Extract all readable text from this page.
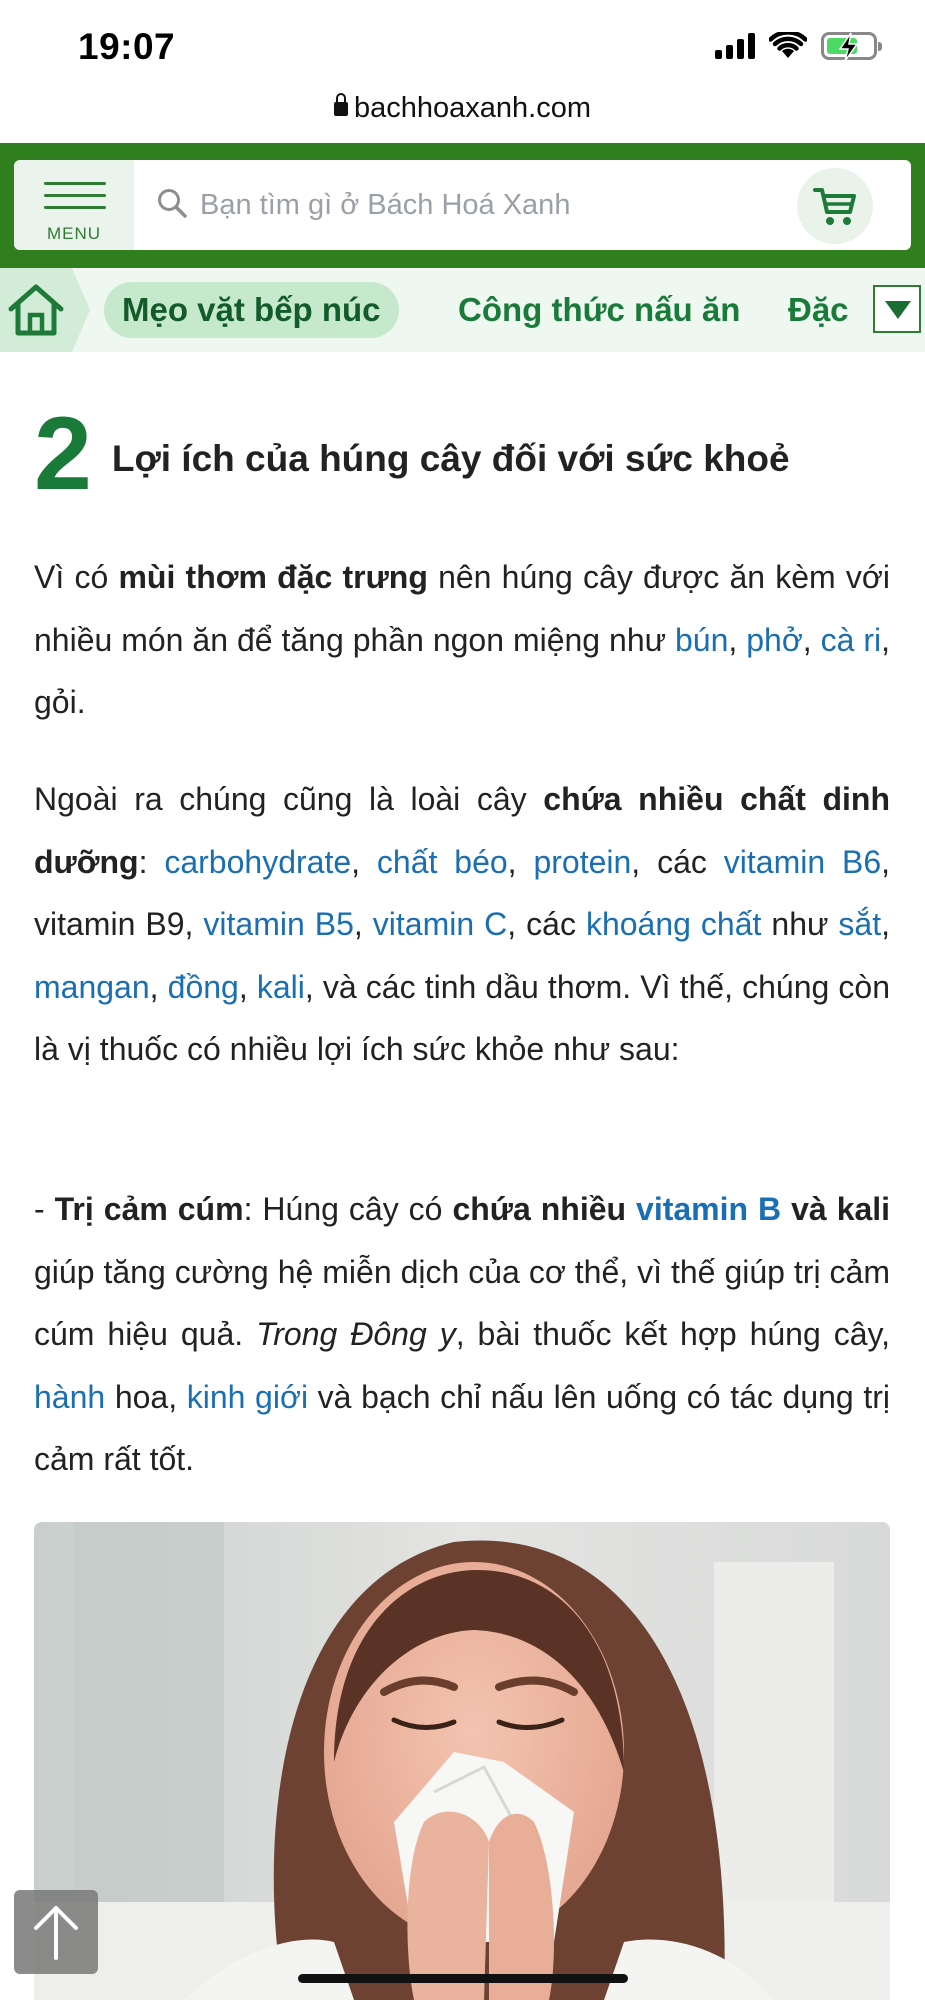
19:07
bachhoaxanh.com
MENU
Bạn tìm gì ở Bách Hoá Xanh
Mẹo vặt bếp núc	Công thức nấu ăn Đặc
2 Lợi ích của húng cây đối với sức khoẻ

Vì có mùi thơm đặc trưng nên húng cây được ăn kèm với nhiều món ăn để tăng phần ngon miệng như bún, phở, cà ri, gỏi.

Ngoài ra chúng cũng là loài cây chứa nhiều chất dinh dưỡng: carbohydrate, chất béo, protein, các vitamin B6, vitamin B9, vitamin B5, vitamin C, các khoáng chất như sắt, mangan, đồng, kali, và các tinh dầu thơm. Vì thế, chúng còn là vị thuốc có nhiều lợi ích sức khỏe như sau:

- Trị cảm cúm: Húng cây có chứa nhiều vitamin B và kali giúp tăng cường hệ miễn dịch của cơ thể, vì thế giúp trị cảm cúm hiệu quả. Trong Đông y, bài thuốc kết hợp húng cây, hành hoa, kinh giới và bạch chỉ nấu lên uống có tác dụng trị cảm rất tốt.
